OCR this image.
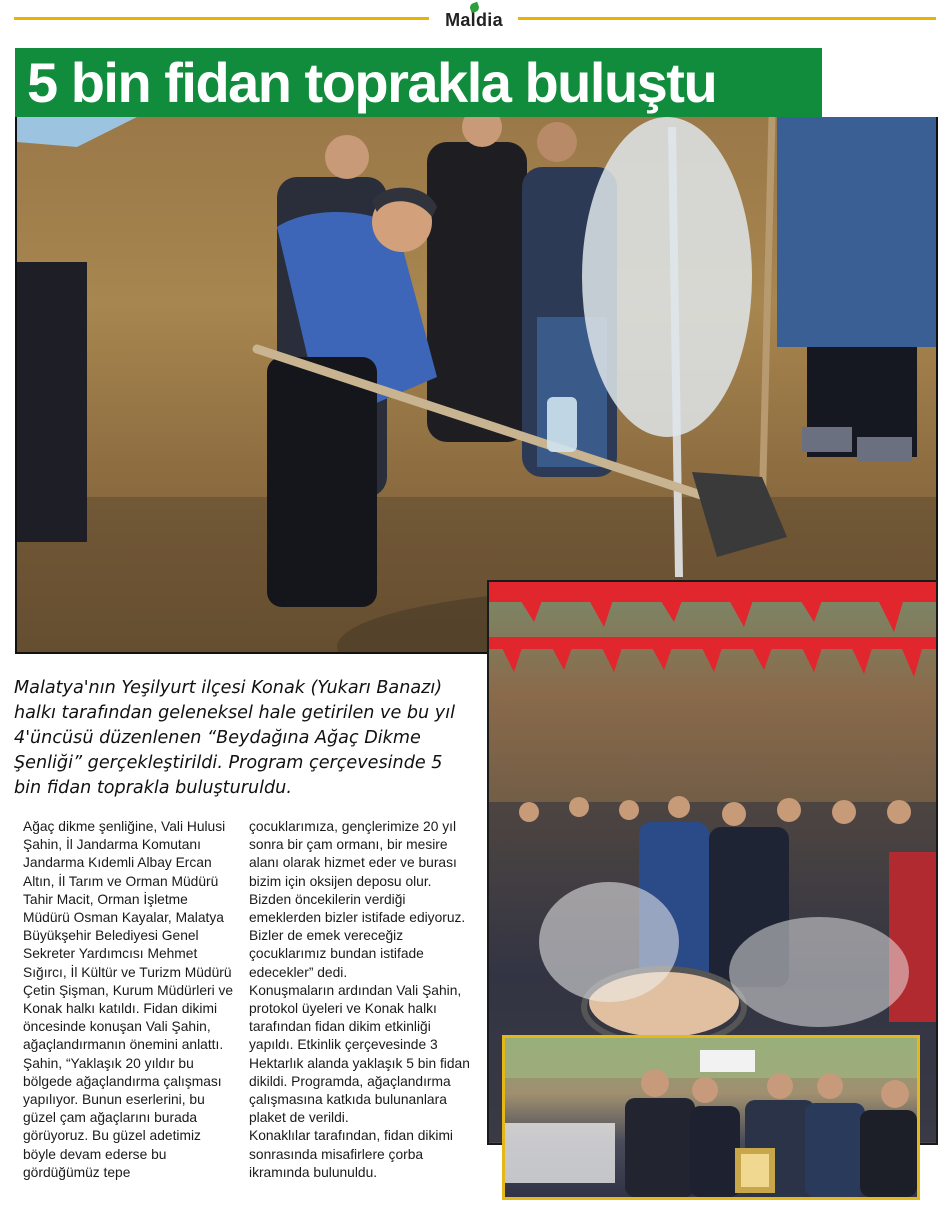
Maldia
5 bin fidan toprakla buluştu
Malatya'nın Yeşilyurt ilçesi Konak (Yukarı Banazı) halkı tarafından geleneksel hale getirilen ve bu yıl 4'üncüsü düzenlenen “Beydağına Ağaç Dikme Şenliği” gerçekleştirildi. Program çerçevesinde 5 bin fidan toprakla buluşturuldu.

Ağaç dikme şenliğine, Vali Hulusi Şahin, İl Jandarma Komutanı Jandarma Kıdemli Albay Ercan Altın, İl Tarım ve Orman Müdürü Tahir Macit, Orman İşletme Müdürü Osman Kayalar, Malatya Büyükşehir Belediyesi Genel Sekreter Yardımcısı Mehmet Sığırcı, İl Kültür ve Turizm Müdürü Çetin Şişman, Kurum Müdürleri ve Konak halkı katıldı. Fidan dikimi öncesinde konuşan Vali Şahin, ağaçlandırmanın önemini anlattı. Şahin, “Yaklaşık 20 yıldır bu bölgede ağaçlandırma çalışması yapılıyor. Bunun eserlerini, bu güzel çam ağaçlarını burada görüyoruz. Bu güzel adetimiz böyle devam ederse bu gördüğümüz tepe

çocuklarımıza, gençlerimize 20 yıl sonra bir çam ormanı, bir mesire alanı olarak hizmet eder ve burası bizim için oksijen deposu olur. Bizden öncekilerin verdiği emeklerden bizler istifade ediyoruz. Bizler de emek vereceğiz çocuklarımız bundan istifade edecekler” dedi.

Konuşmaların ardından Vali Şahin, protokol üyeleri ve Konak halkı tarafından fidan dikim etkinliği yapıldı. Etkinlik çerçevesinde 3 Hektarlık alanda yaklaşık 5 bin fidan dikildi. Programda, ağaçlandırma çalışmasına katkıda bulunanlara plaket de verildi.

Konaklılar tarafından, fidan dikimi sonrasında misafirlere çorba ikramında bulunuldu.
